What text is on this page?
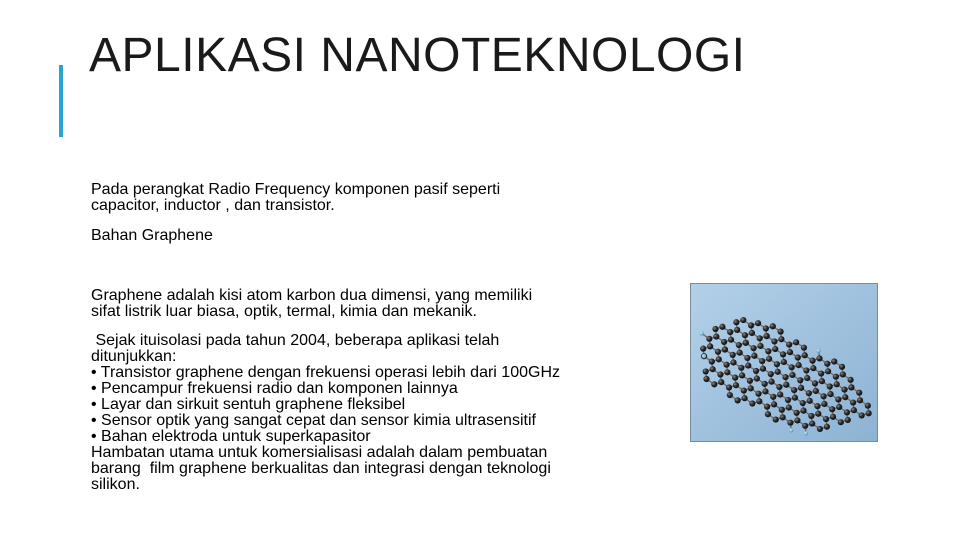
APLIKASI NANOTEKNOLOGI
Pada perangkat Radio Frequency komponen pasif seperti
capacitor, inductor , dan transistor.
Bahan Graphene
Graphene adalah kisi atom karbon dua dimensi, yang memiliki
sifat listrik luar biasa, optik, termal, kimia dan mekanik.
Sejak ituisolasi pada tahun 2004, beberapa aplikasi telah
ditunjukkan:
• Transistor graphene dengan frekuensi operasi lebih dari 100GHz
• Pencampur frekuensi radio dan komponen lainnya
• Layar dan sirkuit sentuh graphene fleksibel
• Sensor optik yang sangat cepat dan sensor kimia ultrasensitif
• Bahan elektroda untuk superkapasitor
Hambatan utama untuk komersialisasi adalah dalam pembuatan
barang  film graphene berkualitas dan integrasi dengan teknologi
silikon.
